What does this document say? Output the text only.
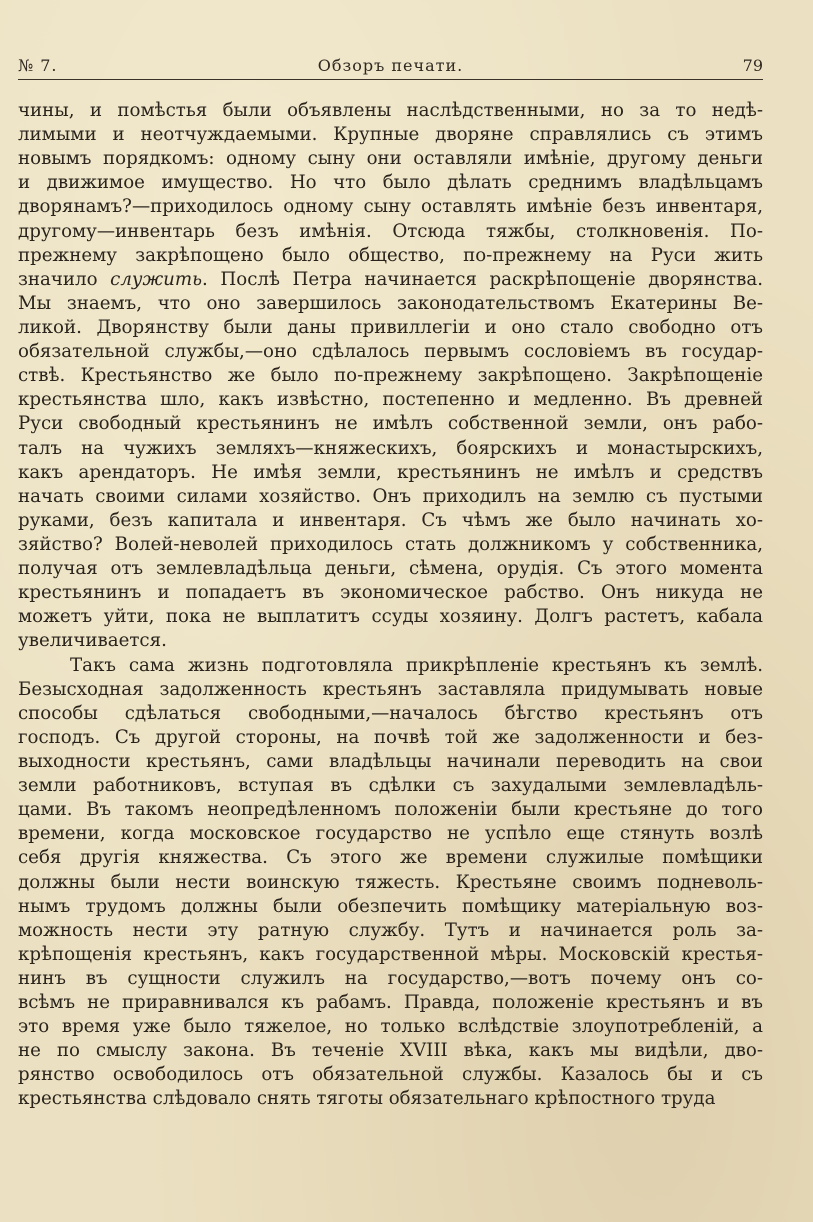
№ 7.	Обзоръ печати.	79
чины, и помѣстья были объявлены наслѣдственными, но за то недѣ-
лимыми и неотчуждаемыми. Крупные дворяне справлялись съ этимъ
новымъ порядкомъ: одному сыну они оставляли имѣніе, другому деньги
и движимое имущество. Но что было дѣлать среднимъ владѣльцамъ
дворянамъ?—приходилось одному сыну оставлять имѣніе безъ инвентаря,
другому—инвентарь безъ имѣнія. Отсюда тяжбы, столкновенія. По-
прежнему закрѣпощено было общество, по-прежнему на Руси жить
значило служить. Послѣ Петра начинается раскрѣпощеніе дворянства.
Мы знаемъ, что оно завершилось законодательствомъ Екатерины Ве-
ликой. Дворянству были даны привиллегіи и оно стало свободно отъ
обязательной службы,—оно сдѣлалось первымъ сословіемъ въ государ-
ствѣ. Крестьянство же было по-прежнему закрѣпощено. Закрѣпощеніе
крестьянства шло, какъ извѣстно, постепенно и медленно. Въ древней
Руси свободный крестьянинъ не имѣлъ собственной земли, онъ рабо-
талъ на чужихъ земляхъ—княжескихъ, боярскихъ и монастырскихъ,
какъ арендаторъ. Не имѣя земли, крестьянинъ не имѣлъ и средствъ
начать своими силами хозяйство. Онъ приходилъ на землю съ пустыми
руками, безъ капитала и инвентаря. Съ чѣмъ же было начинать хо-
зяйство? Волей-неволей приходилось стать должникомъ у собственника,
получая отъ землевладѣльца деньги, сѣмена, орудія. Съ этого момента
крестьянинъ и попадаетъ въ экономическое рабство. Онъ никуда не
можетъ уйти, пока не выплатитъ ссуды хозяину. Долгъ растетъ, кабала
увеличивается.
Такъ сама жизнь подготовляла прикрѣпленіе крестьянъ къ землѣ.
Безысходная задолженность крестьянъ заставляла придумывать новые
способы сдѣлаться свободными,—началось бѣгство крестьянъ отъ
господъ. Съ другой стороны, на почвѣ той же задолженности и без-
выходности крестьянъ, сами владѣльцы начинали переводить на свои
земли работниковъ, вступая въ сдѣлки съ захудалыми землевладѣль-
цами. Въ такомъ неопредѣленномъ положеніи были крестьяне до того
времени, когда московское государство не успѣло еще стянуть возлѣ
себя другія княжества. Съ этого же времени служилые помѣщики
должны были нести воинскую тяжесть. Крестьяне своимъ подневоль-
нымъ трудомъ должны были обезпечить помѣщику матеріальную воз-
можность нести эту ратную службу. Тутъ и начинается роль за-
крѣпощенія крестьянъ, какъ государственной мѣры. Московскій крестья-
нинъ въ сущности служилъ на государство,—вотъ почему онъ со-
всѣмъ не приравнивался къ рабамъ. Правда, положеніе крестьянъ и въ
это время уже было тяжелое, но только вслѣдствіе злоупотребленій, а
не по смыслу закона. Въ теченіе XVIII вѣка, какъ мы видѣли, дво-
рянство освободилось отъ обязательной службы. Казалось бы и съ
крестьянства слѣдовало снять тяготы обязательнаго крѣпостного труда
